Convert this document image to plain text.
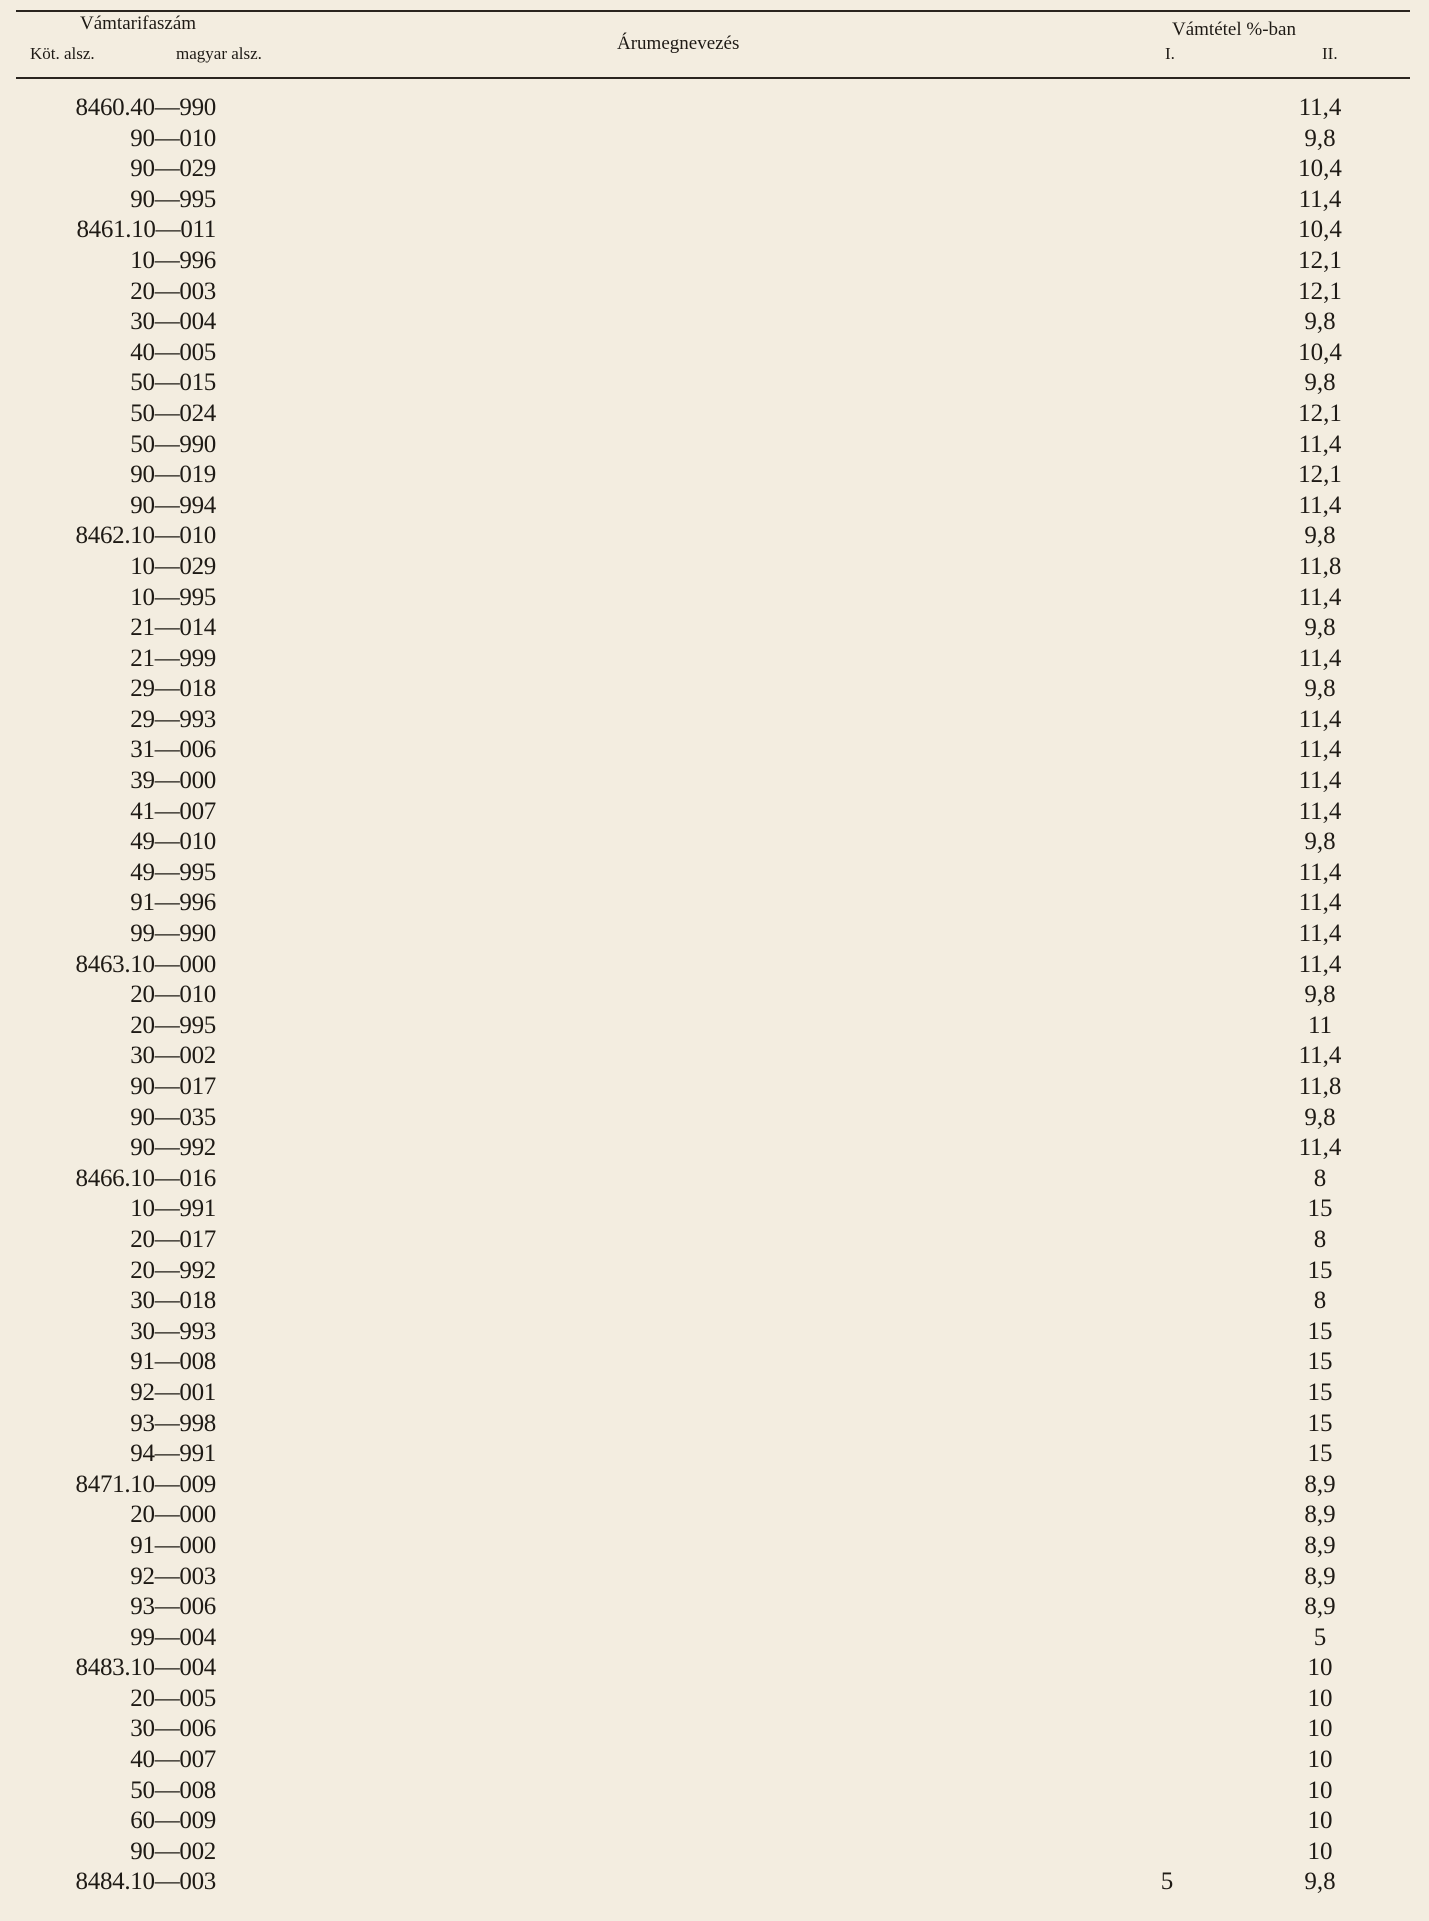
Vámtarifaszám
Köt. alsz.	magyar alsz.	Árumegnevezés
Vámtétel %-ban
I.	II.
8460.40—990	11,4
90—010	9,8
90—029	10,4
90—995	11,4
8461.10—011	10,4
10—996	12,1
20—003	12,1
30—004	9,8
40—005	10,4
50—015	9,8
50—024	12,1
50—990	11,4
90—019	12,1
90—994	11,4
8462.10—010	9,8
10—029	11,8
10—995	11,4
21—014	9,8
21—999	11,4
29—018	9,8
29—993	11,4
31—006	11,4
39—000	11,4
41—007	11,4
49—010	9,8
49—995	11,4
91—996	11,4
99—990	11,4
8463.10—000	11,4
20—010	9,8
20—995	11
30—002	11,4
90—017	11,8
90—035	9,8
90—992	11,4
8466.10—016	8
10—991	15
20—017	8
20—992	15
30—018	8
30—993	15
91—008	15
92—001	15
93—998	15
94—991	15
8471.10—009	8,9
20—000	8,9
91—000	8,9
92—003	8,9
93—006	8,9
99—004	5
8483.10—004	10
20—005	10
30—006	10
40—007	10
50—008	10
60—009	10
90—002	10
8484.10—003	5	9,8
